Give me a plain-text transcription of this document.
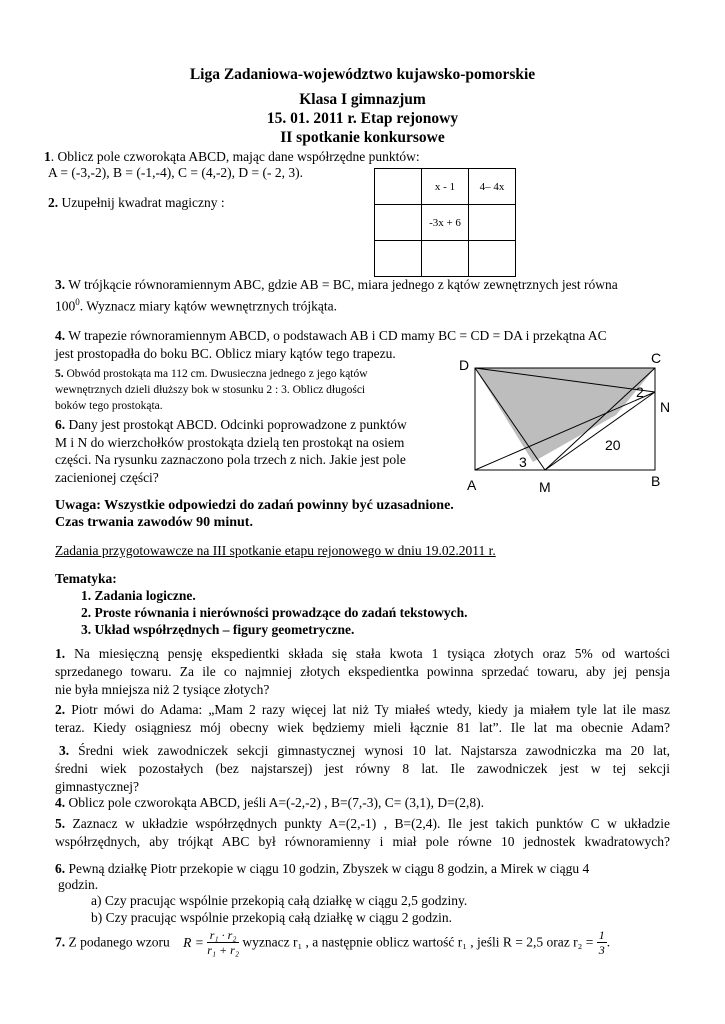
Liga Zadaniowa-województwo kujawsko-pomorskie
Klasa I gimnazjum
15. 01. 2011 r. Etap rejonowy
II spotkanie konkursowe
1. Oblicz pole czworokąta ABCD, mając dane współrzędne punktów:
A = (-3,-2), B = (-1,-4), C = (4,-2), D = (- 2, 3).
2. Uzupełnij kwadrat magiczny :
	x - 1	4– 4x
	-3x + 6	

3. W trójkącie równoramiennym ABC, gdzie AB = BC, miara jednego z kątów zewnętrznych jest równa
$100^0$. Wyznacz miary kątów wewnętrznych trójkąta.
4. W trapezie równoramiennym ABCD, o podstawach AB i CD mamy BC = CD = DA i przekątna AC
jest prostopadła do boku BC. Oblicz miary kątów tego trapezu.
5. Obwód prostokąta ma 112 cm. Dwusieczna jednego z jego kątów
wewnętrznych dzieli dłuższy bok w stosunku 2 : 3. Oblicz długości
boków tego prostokąta.
6. Dany jest prostokąt ABCD. Odcinki poprowadzone z punktów
M i N do wierzchołków prostokąta dzielą ten prostokąt na osiem
części. Na rysunku zaznaczono pola trzech z nich. Jakie jest pole
zacienionej części?
D	C
N
A	M	B
2
20
3
Uwaga: Wszystkie odpowiedzi do zadań powinny być uzasadnione.
Czas trwania zawodów 90 minut.
Zadania przygotowawcze na III spotkanie etapu rejonowego w dniu 19.02.2011 r.
Tematyka:
1. Zadania logiczne.
2. Proste równania i nierówności prowadzące do zadań tekstowych.
3. Układ współrzędnych – figury geometryczne.
1. Na miesięczną pensję ekspedientki składa się stała kwota 1 tysiąca złotych oraz 5% od wartości
sprzedanego towaru. Za ile co najmniej złotych ekspedientka powinna sprzedać towaru, aby jej pensja
nie była mniejsza niż 2 tysiące złotych?
2. Piotr mówi do Adama: „Mam 2 razy więcej lat niż Ty miałeś wtedy, kiedy ja miałem tyle lat ile masz
teraz. Kiedy osiągniesz mój obecny wiek będziemy mieli łącznie 81 lat”. Ile lat ma obecnie Adam?
3. Średni wiek zawodniczek sekcji gimnastycznej wynosi 10 lat. Najstarsza zawodniczka ma 20 lat,
średni wiek pozostałych (bez najstarszej) jest równy 8 lat. Ile zawodniczek jest w tej sekcji
gimnastycznej?
4. Oblicz pole czworokąta ABCD, jeśli A=(-2,-2) , B=(7,-3), C= (3,1), D=(2,8).
5. Zaznacz w układzie współrzędnych punkty A=(2,-1) , B=(2,4). Ile jest takich punktów C w układzie
współrzędnych, aby trójkąt ABC był równoramienny i miał pole równe 10 jednostek kwadratowych?
6. Pewną działkę Piotr przekopie w ciągu 10 godzin, Zbyszek w ciągu 8 godzin, a Mirek w ciągu 4
godzin.
a) Czy pracując wspólnie przekopią całą działkę w ciągu 2,5 godziny.
b) Czy pracując wspólnie przekopią całą działkę w ciągu 2 godzin.
7. Z podanego wzoru $R = \frac{\text{r₁ · r₂}}{\text{r₁ + r₂}}$ wyznacz r₁ , a następnie oblicz wartość r₁ , jeśli R = 2,5 oraz $r_2 = \frac{1}{3}$.
